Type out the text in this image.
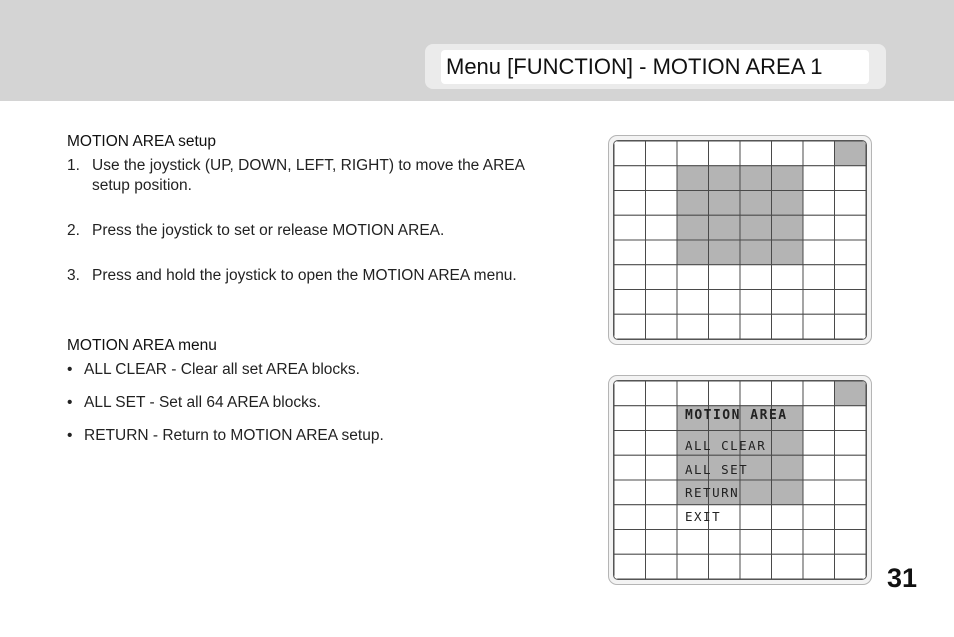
Menu [FUNCTION] - MOTION AREA 1
MOTION AREA setup
1. Use the joystick (UP, DOWN, LEFT, RIGHT) to move the AREA setup position.
2. Press the joystick to set or release MOTION AREA.
3. Press and hold the joystick to open the MOTION AREA menu.
MOTION AREA menu
• ALL CLEAR - Clear all set AREA blocks.
• ALL SET - Set all 64 AREA blocks.
• RETURN - Return to MOTION AREA setup.
MOTION AREA
ALL CLEAR
ALL SET
RETURN
EXIT
31
